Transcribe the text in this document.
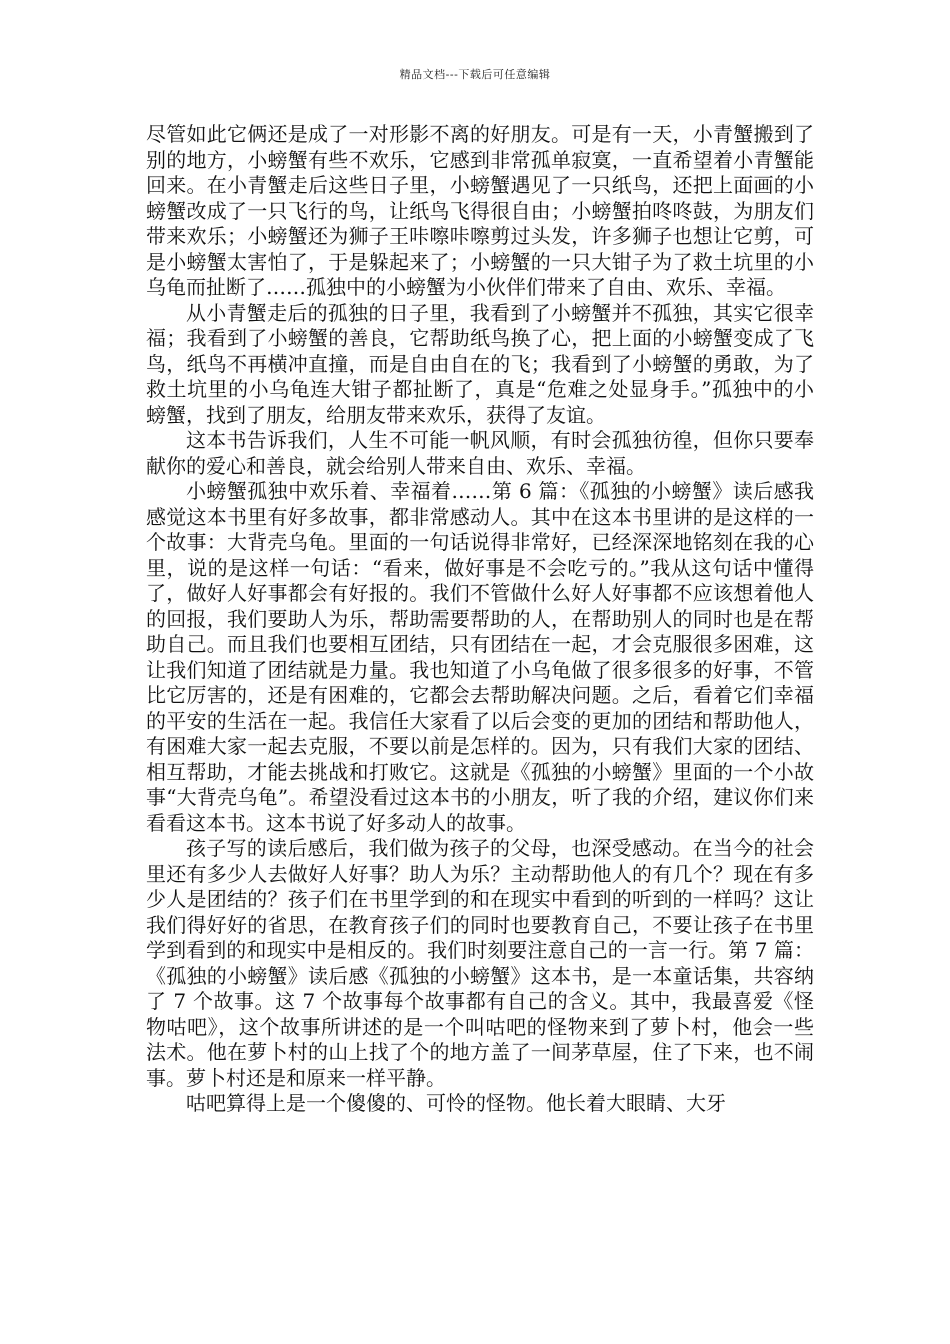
精品文档---下载后可任意编辑

尽管如此它俩还是成了一对形影不离的好朋友。可是有一天，小青蟹搬到了别的地方，小螃蟹有些不欢乐，它感到非常孤单寂寞，一直希望着小青蟹能回来。在小青蟹走后这些日子里，小螃蟹遇见了一只纸鸟，还把上面画的小螃蟹改成了一只飞行的鸟，让纸鸟飞得很自由；小螃蟹拍咚咚鼓，为朋友们带来欢乐；小螃蟹还为狮子王咔嚓咔嚓剪过头发，许多狮子也想让它剪，可是小螃蟹太害怕了，于是躲起来了；小螃蟹的一只大钳子为了救土坑里的小乌龟而扯断了……孤独中的小螃蟹为小伙伴们带来了自由、欢乐、幸福。

从小青蟹走后的孤独的日子里，我看到了小螃蟹并不孤独，其实它很幸福；我看到了小螃蟹的善良，它帮助纸鸟换了心，把上面的小螃蟹变成了飞鸟，纸鸟不再横冲直撞，而是自由自在的飞；我看到了小螃蟹的勇敢，为了救土坑里的小乌龟连大钳子都扯断了，真是“危难之处显身手。”孤独中的小螃蟹，找到了朋友，给朋友带来欢乐，获得了友谊。

这本书告诉我们，人生不可能一帆风顺，有时会孤独彷徨，但你只要奉献你的爱心和善良，就会给别人带来自由、欢乐、幸福。

小螃蟹孤独中欢乐着、幸福着……第 6 篇：《孤独的小螃蟹》读后感我感觉这本书里有好多故事，都非常感动人。其中在这本书里讲的是这样的一个故事：大背壳乌龟。里面的一句话说得非常好，已经深深地铭刻在我的心里，说的是这样一句话：“看来，做好事是不会吃亏的。”我从这句话中懂得了，做好人好事都会有好报的。我们不管做什么好人好事都不应该想着他人的回报，我们要助人为乐，帮助需要帮助的人，在帮助别人的同时也是在帮助自己。而且我们也要相互团结，只有团结在一起，才会克服很多困难，这让我们知道了团结就是力量。我也知道了小乌龟做了很多很多的好事，不管比它厉害的，还是有困难的，它都会去帮助解决问题。之后，看着它们幸福的平安的生活在一起。我信任大家看了以后会变的更加的团结和帮助他人，有困难大家一起去克服，不要以前是怎样的。因为，只有我们大家的团结、相互帮助，才能去挑战和打败它。这就是《孤独的小螃蟹》里面的一个小故事“大背壳乌龟”。希望没看过这本书的小朋友，听了我的介绍，建议你们来看看这本书。这本书说了好多动人的故事。

孩子写的读后感后，我们做为孩子的父母，也深受感动。在当今的社会里还有多少人去做好人好事？助人为乐？主动帮助他人的有几个？现在有多少人是团结的？孩子们在书里学到的和在现实中看到的听到的一样吗？这让我们得好好的省思，在教育孩子们的同时也要教育自己，不要让孩子在书里学到看到的和现实中是相反的。我们时刻要注意自己的一言一行。第 7 篇：《孤独的小螃蟹》读后感《孤独的小螃蟹》这本书，是一本童话集，共容纳了 7 个故事。这 7 个故事每个故事都有自己的含义。其中，我最喜爱《怪物咕吧》，这个故事所讲述的是一个叫咕吧的怪物来到了萝卜村，他会一些法术。他在萝卜村的山上找了个的地方盖了一间茅草屋，住了下来，也不闹事。萝卜村还是和原来一样平静。

咕吧算得上是一个傻傻的、可怜的怪物。他长着大眼睛、大牙
